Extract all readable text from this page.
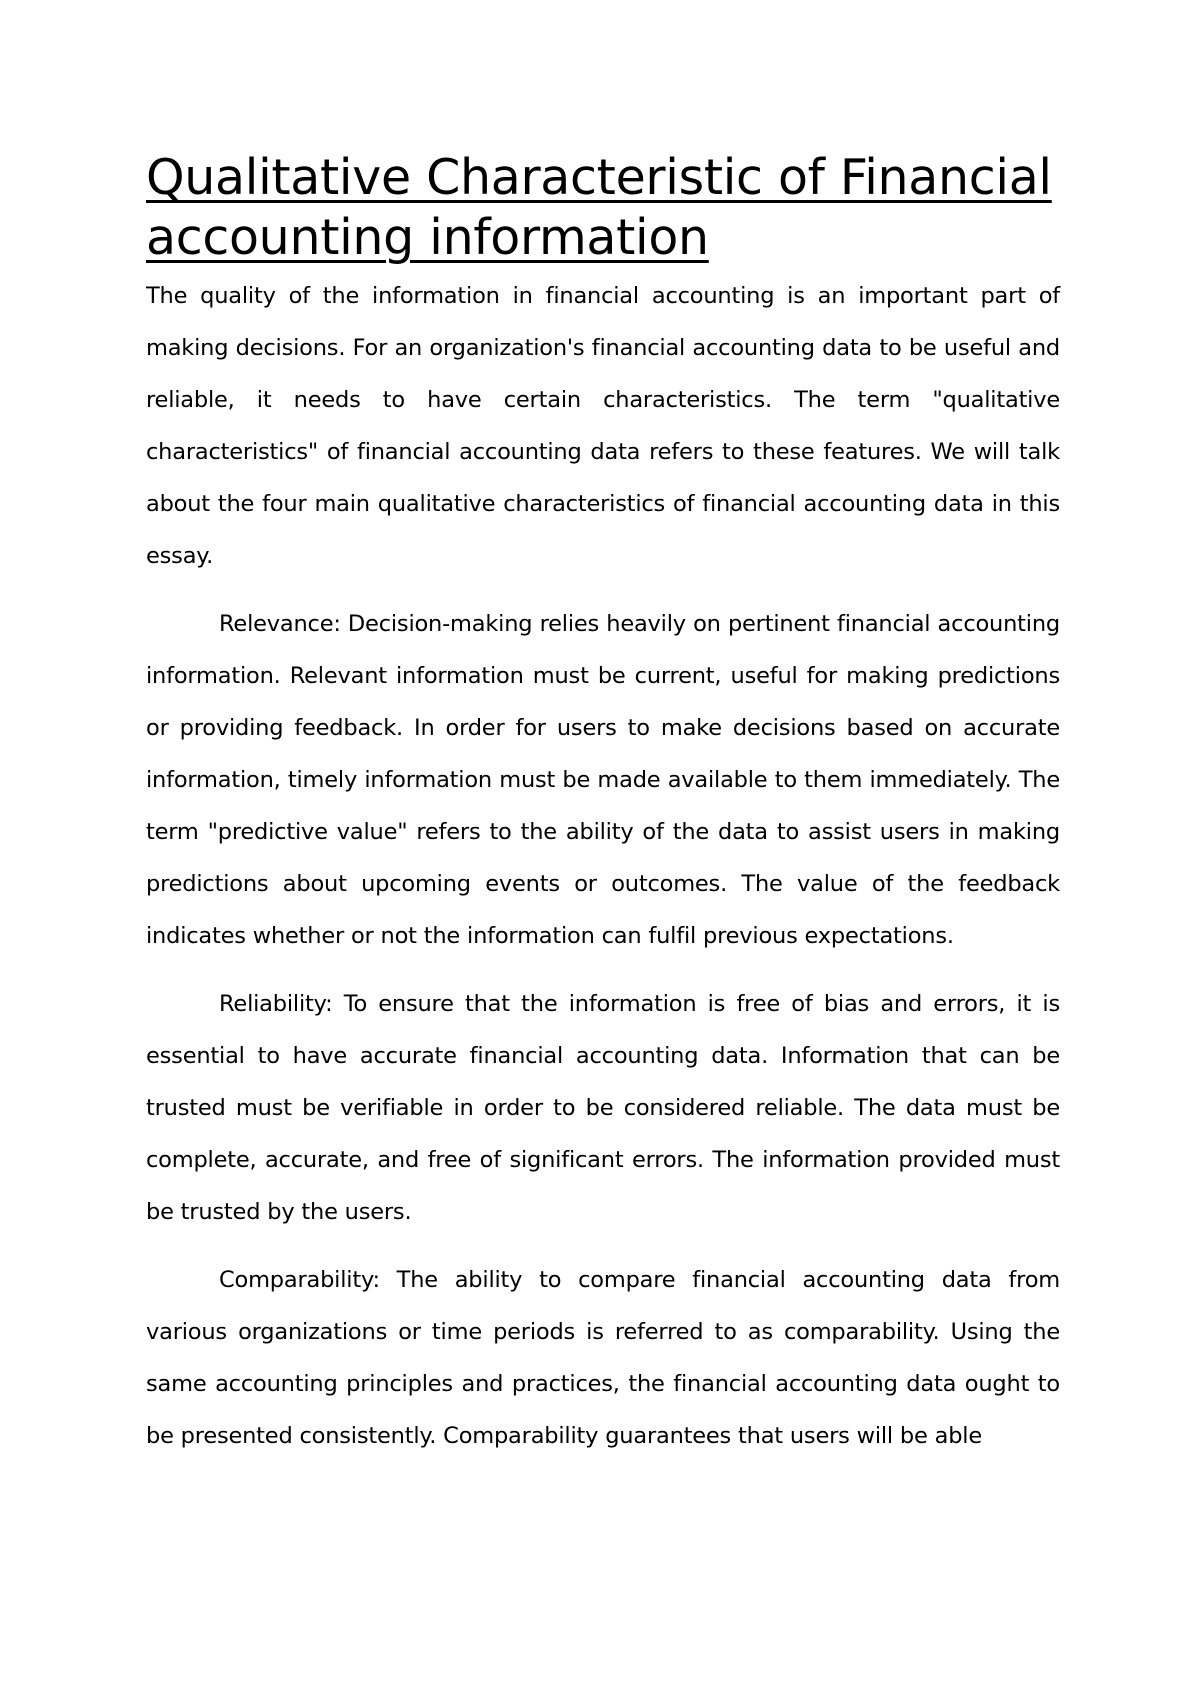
Qualitative Characteristic of Financial accounting information

The quality of the information in financial accounting is an important part of making decisions. For an organization's financial accounting data to be useful and reliable, it needs to have certain characteristics. The term "qualitative characteristics" of financial accounting data refers to these features. We will talk about the four main qualitative characteristics of financial accounting data in this essay.

Relevance: Decision-making relies heavily on pertinent financial accounting information. Relevant information must be current, useful for making predictions or providing feedback. In order for users to make decisions based on accurate information, timely information must be made available to them immediately. The term "predictive value" refers to the ability of the data to assist users in making predictions about upcoming events or outcomes. The value of the feedback indicates whether or not the information can fulfil previous expectations.

Reliability: To ensure that the information is free of bias and errors, it is essential to have accurate financial accounting data. Information that can be trusted must be verifiable in order to be considered reliable. The data must be complete, accurate, and free of significant errors. The information provided must be trusted by the users.

Comparability: The ability to compare financial accounting data from various organizations or time periods is referred to as comparability. Using the same accounting principles and practices, the financial accounting data ought to be presented consistently. Comparability guarantees that users will be able
